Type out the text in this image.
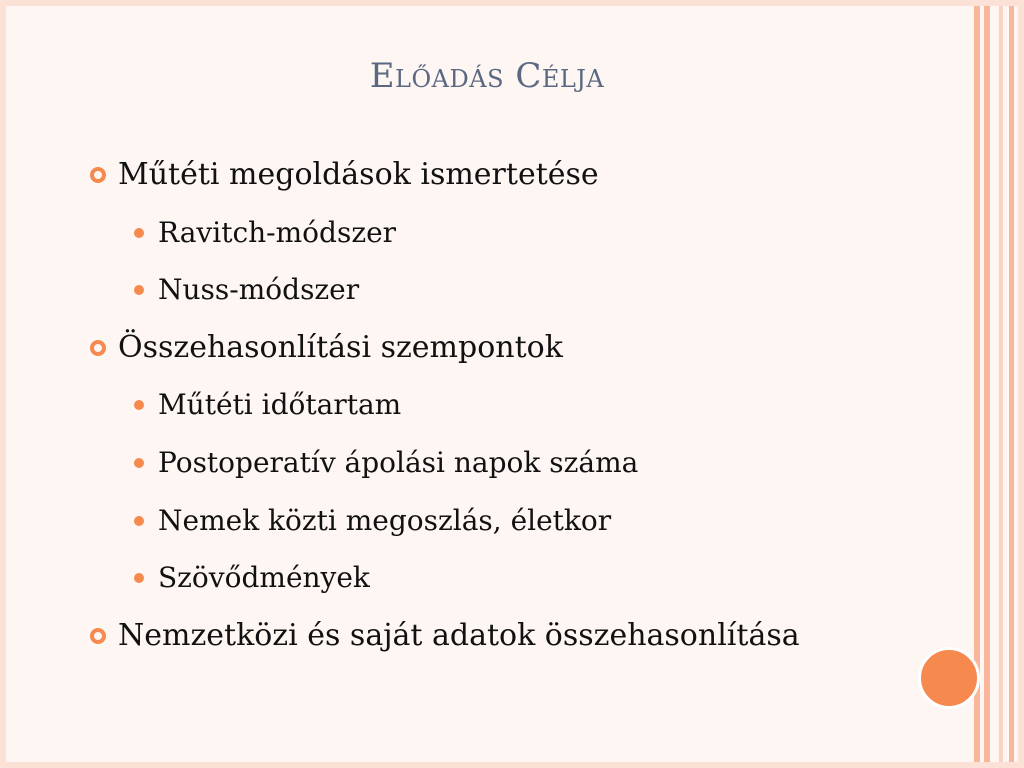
Előadás Célja
Műtéti megoldások ismertetése
Ravitch-módszer
Nuss-módszer
Összehasonlítási szempontok
Műtéti időtartam
Postoperatív ápolási napok száma
Nemek közti megoszlás, életkor
Szövődmények
Nemzetközi és saját adatok összehasonlítása
